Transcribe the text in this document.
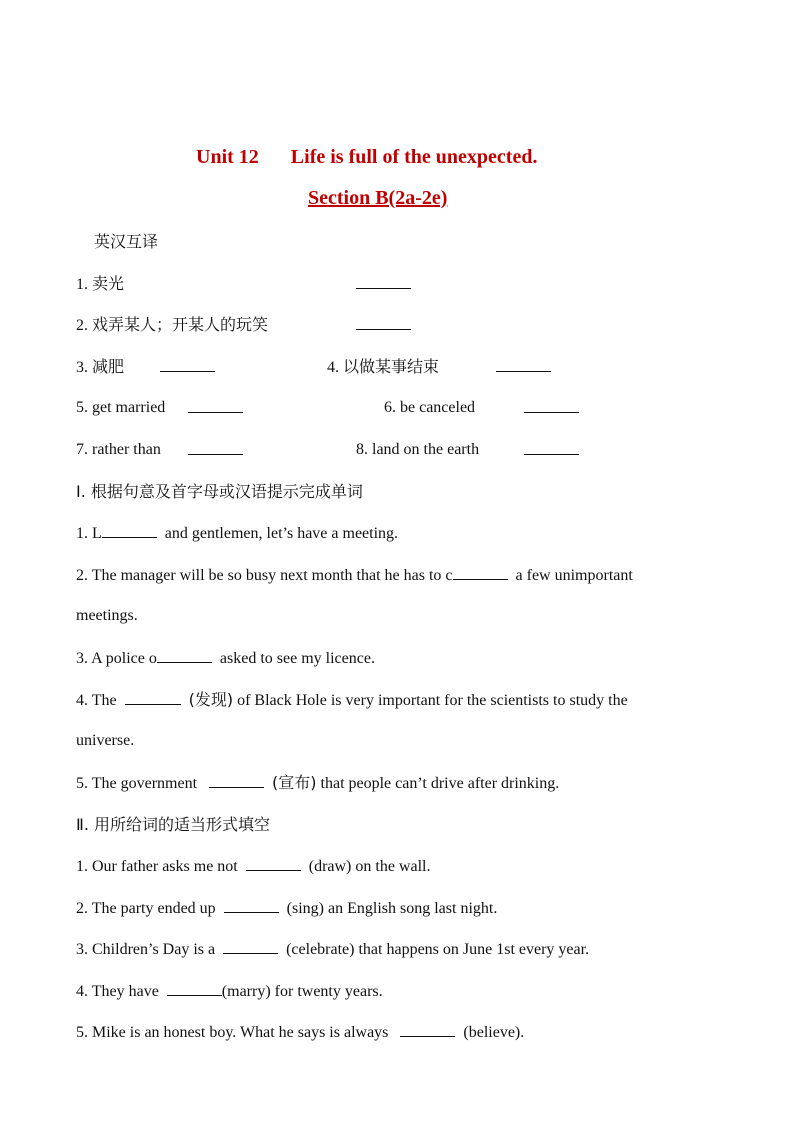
Unit 12 Life is full of the unexpected.
Section B(2a-2e)
英汉互译
1. 卖光
2. 戏弄某人；开某人的玩笑
3. 减肥	4. 以做某事结束
5. get married	6. be canceled
7. rather than	8. land on the earth
Ⅰ. 根据句意及首字母或汉语提示完成单词
1. L	and gentlemen, let’s have a meeting.
2. The manager will be so busy next month that he has to c	a few unimportant
meetings.
3. A police o	asked to see my licence.
4. The	(发现) of Black Hole is very important for the scientists to study the
universe.
5. The government	(宣布) that people can’t drive after drinking.
Ⅱ. 用所给词的适当形式填空
1. Our father asks me not	(draw) on the wall.
2. The party ended up	(sing) an English song last night.
3. Children’s Day is a	(celebrate) that happens on June 1st every year.
4. They have	(marry) for twenty years.
5. Mike is an honest boy. What he says is always	(believe).
